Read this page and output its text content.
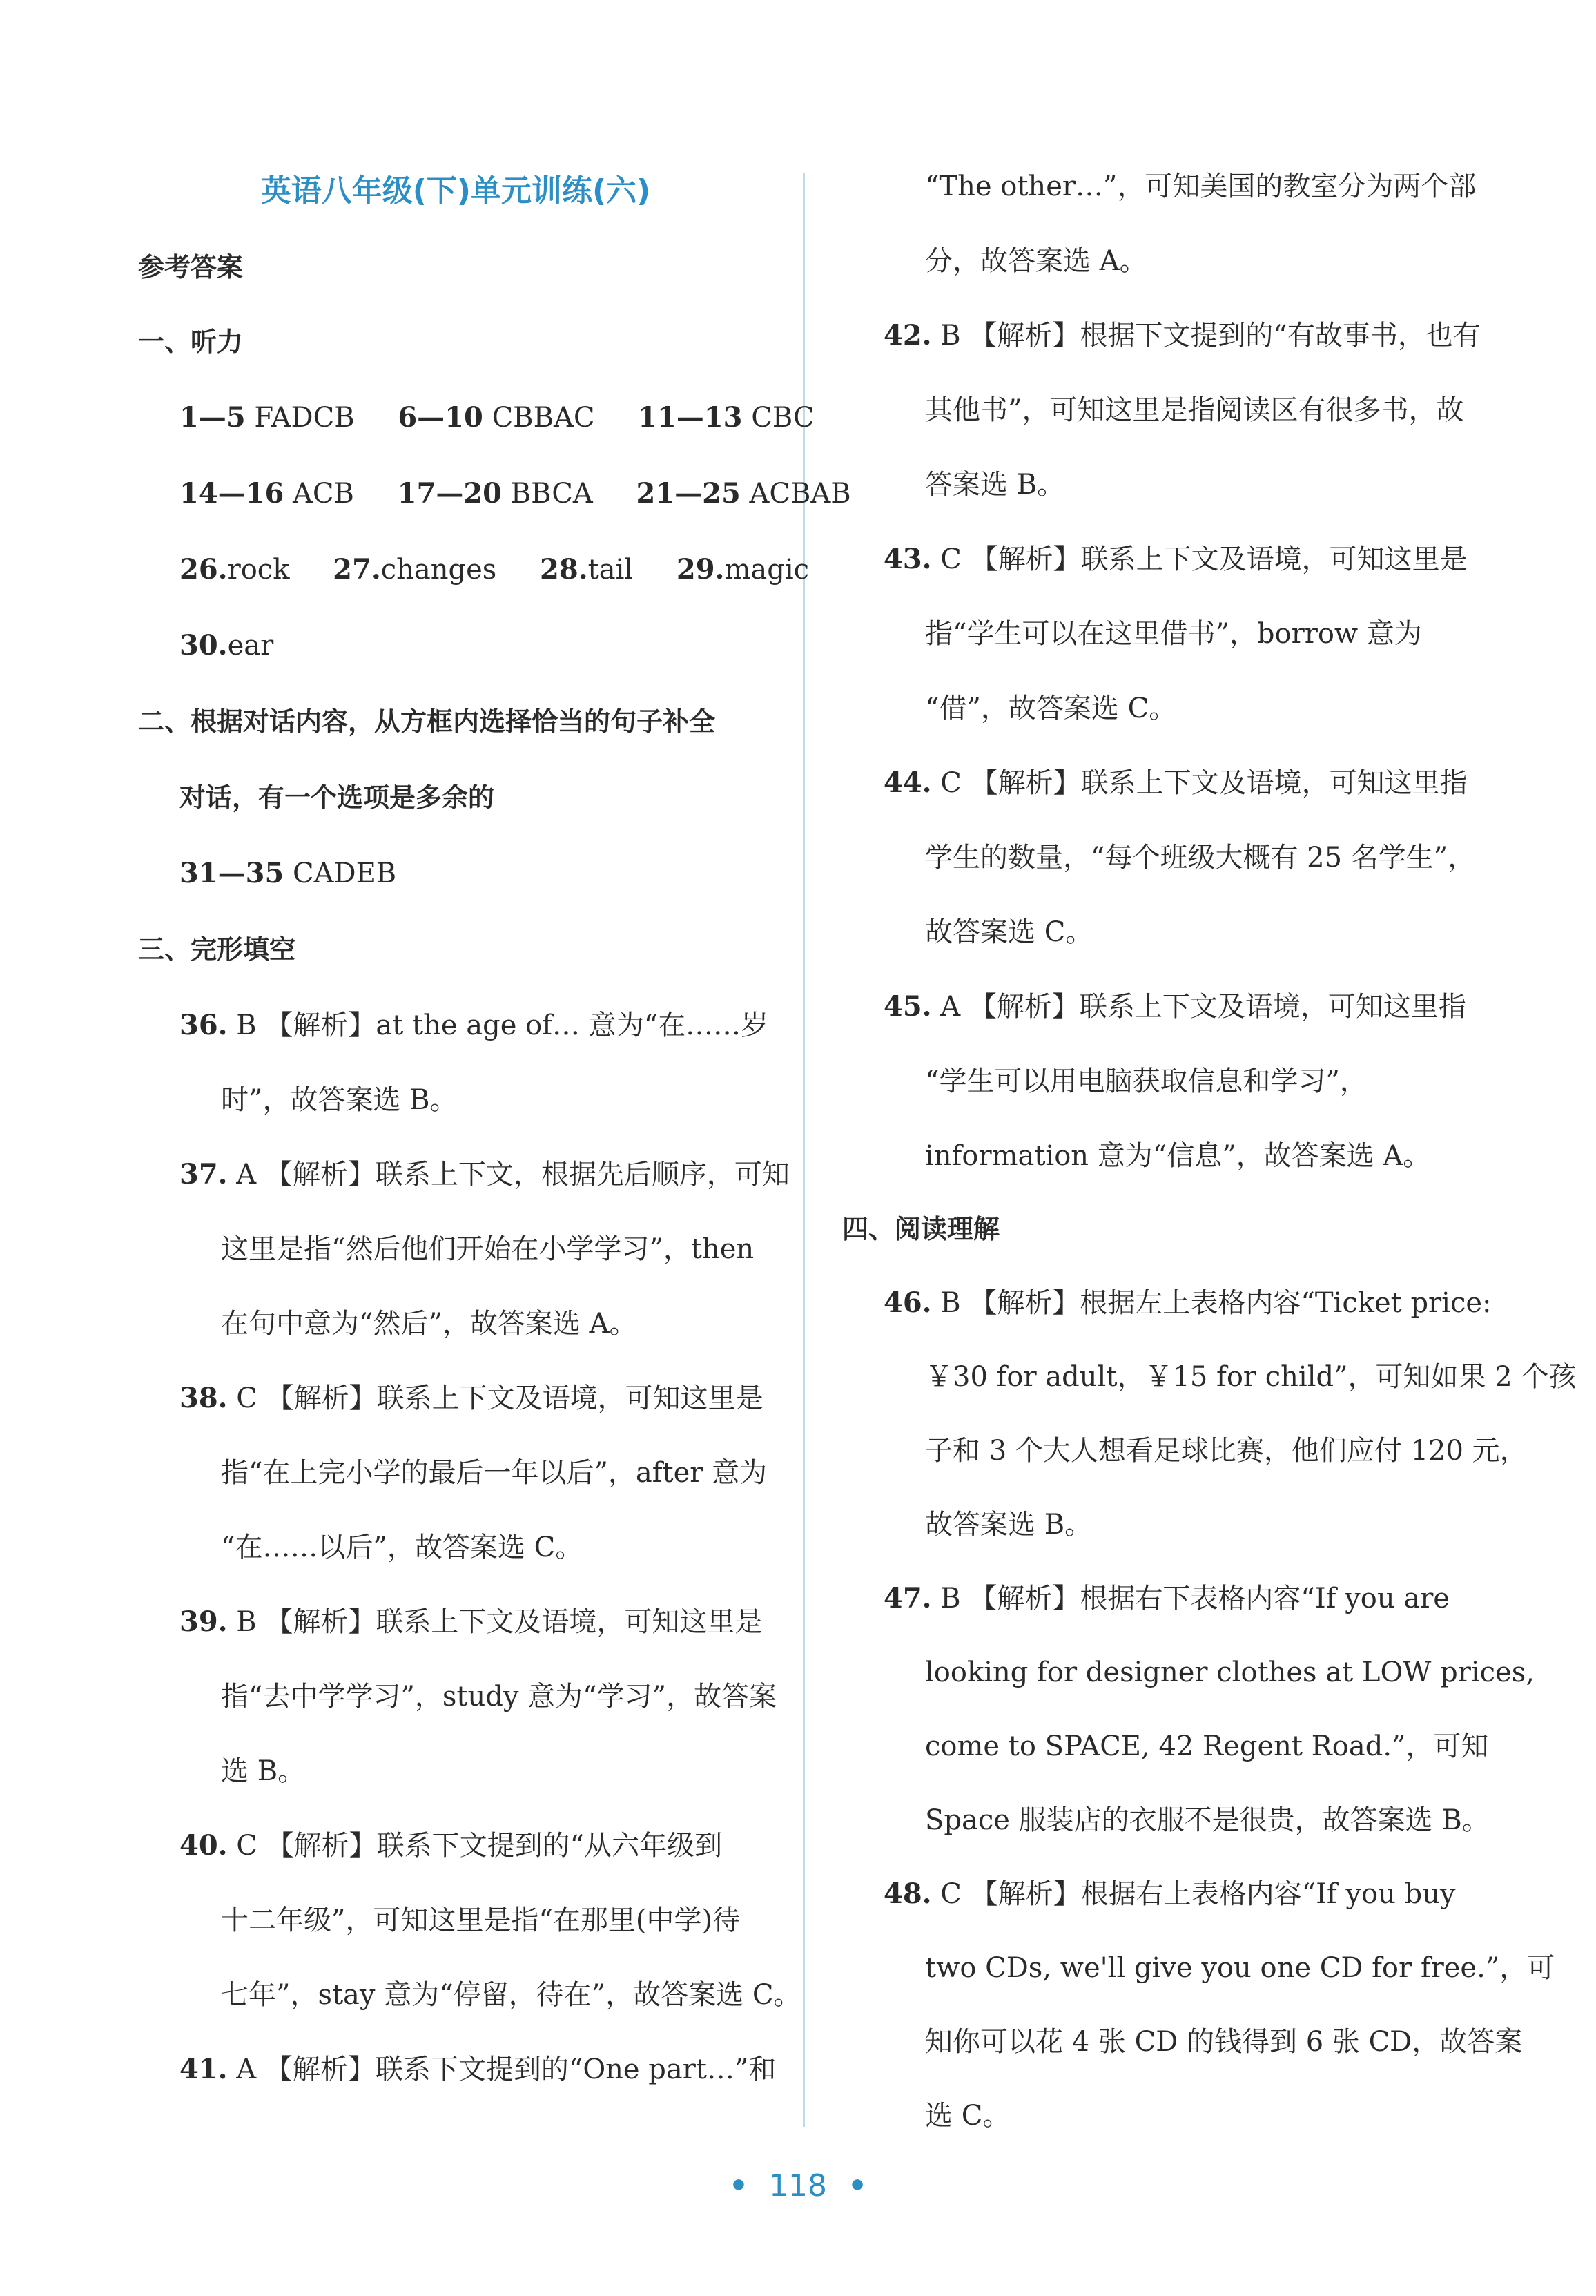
英语八年级(下)单元训练(六)
参考答案
一、听力
1—5 FADCB 6—10 CBBAC 11—13 CBC
14—16 ACB 17—20 BBCA 21—25 ACBAB
26.rock 27.changes 28.tail 29.magic
30.ear
二、根据对话内容，从方框内选择恰当的句子补全
对话，有一个选项是多余的
31—35 CADEB
三、完形填空
36. B 【解析】at the age of… 意为“在……岁
时”，故答案选 B。
37. A 【解析】联系上下文，根据先后顺序，可知
这里是指“然后他们开始在小学学习”，then
在句中意为“然后”，故答案选 A。
38. C 【解析】联系上下文及语境，可知这里是
指“在上完小学的最后一年以后”，after 意为
“在……以后”，故答案选 C。
39. B 【解析】联系上下文及语境，可知这里是
指“去中学学习”，study 意为“学习”，故答案
选 B。
40. C 【解析】联系下文提到的“从六年级到
十二年级”，可知这里是指“在那里(中学)待
七年”，stay 意为“停留，待在”，故答案选 C。
41. A 【解析】联系下文提到的“One part…”和
“The other…”，可知美国的教室分为两个部
分，故答案选 A。
42. B 【解析】根据下文提到的“有故事书，也有
其他书”，可知这里是指阅读区有很多书，故
答案选 B。
43. C 【解析】联系上下文及语境，可知这里是
指“学生可以在这里借书”，borrow 意为
“借”，故答案选 C。
44. C 【解析】联系上下文及语境，可知这里指
学生的数量，“每个班级大概有 25 名学生”，
故答案选 C。
45. A 【解析】联系上下文及语境，可知这里指
“学生可以用电脑获取信息和学习”，
information 意为“信息”，故答案选 A。
四、阅读理解
46. B 【解析】根据左上表格内容“Ticket price:
￥30 for adult，￥15 for child”，可知如果 2 个孩
子和 3 个大人想看足球比赛，他们应付 120 元，
故答案选 B。
47. B 【解析】根据右下表格内容“If you are
looking for designer clothes at LOW prices,
come to SPACE, 42 Regent Road.”，可知
Space 服装店的衣服不是很贵，故答案选 B。
48. C 【解析】根据右上表格内容“If you buy
two CDs, we'll give you one CD for free.”，可
知你可以花 4 张 CD 的钱得到 6 张 CD，故答案
选 C。
• 118 •
